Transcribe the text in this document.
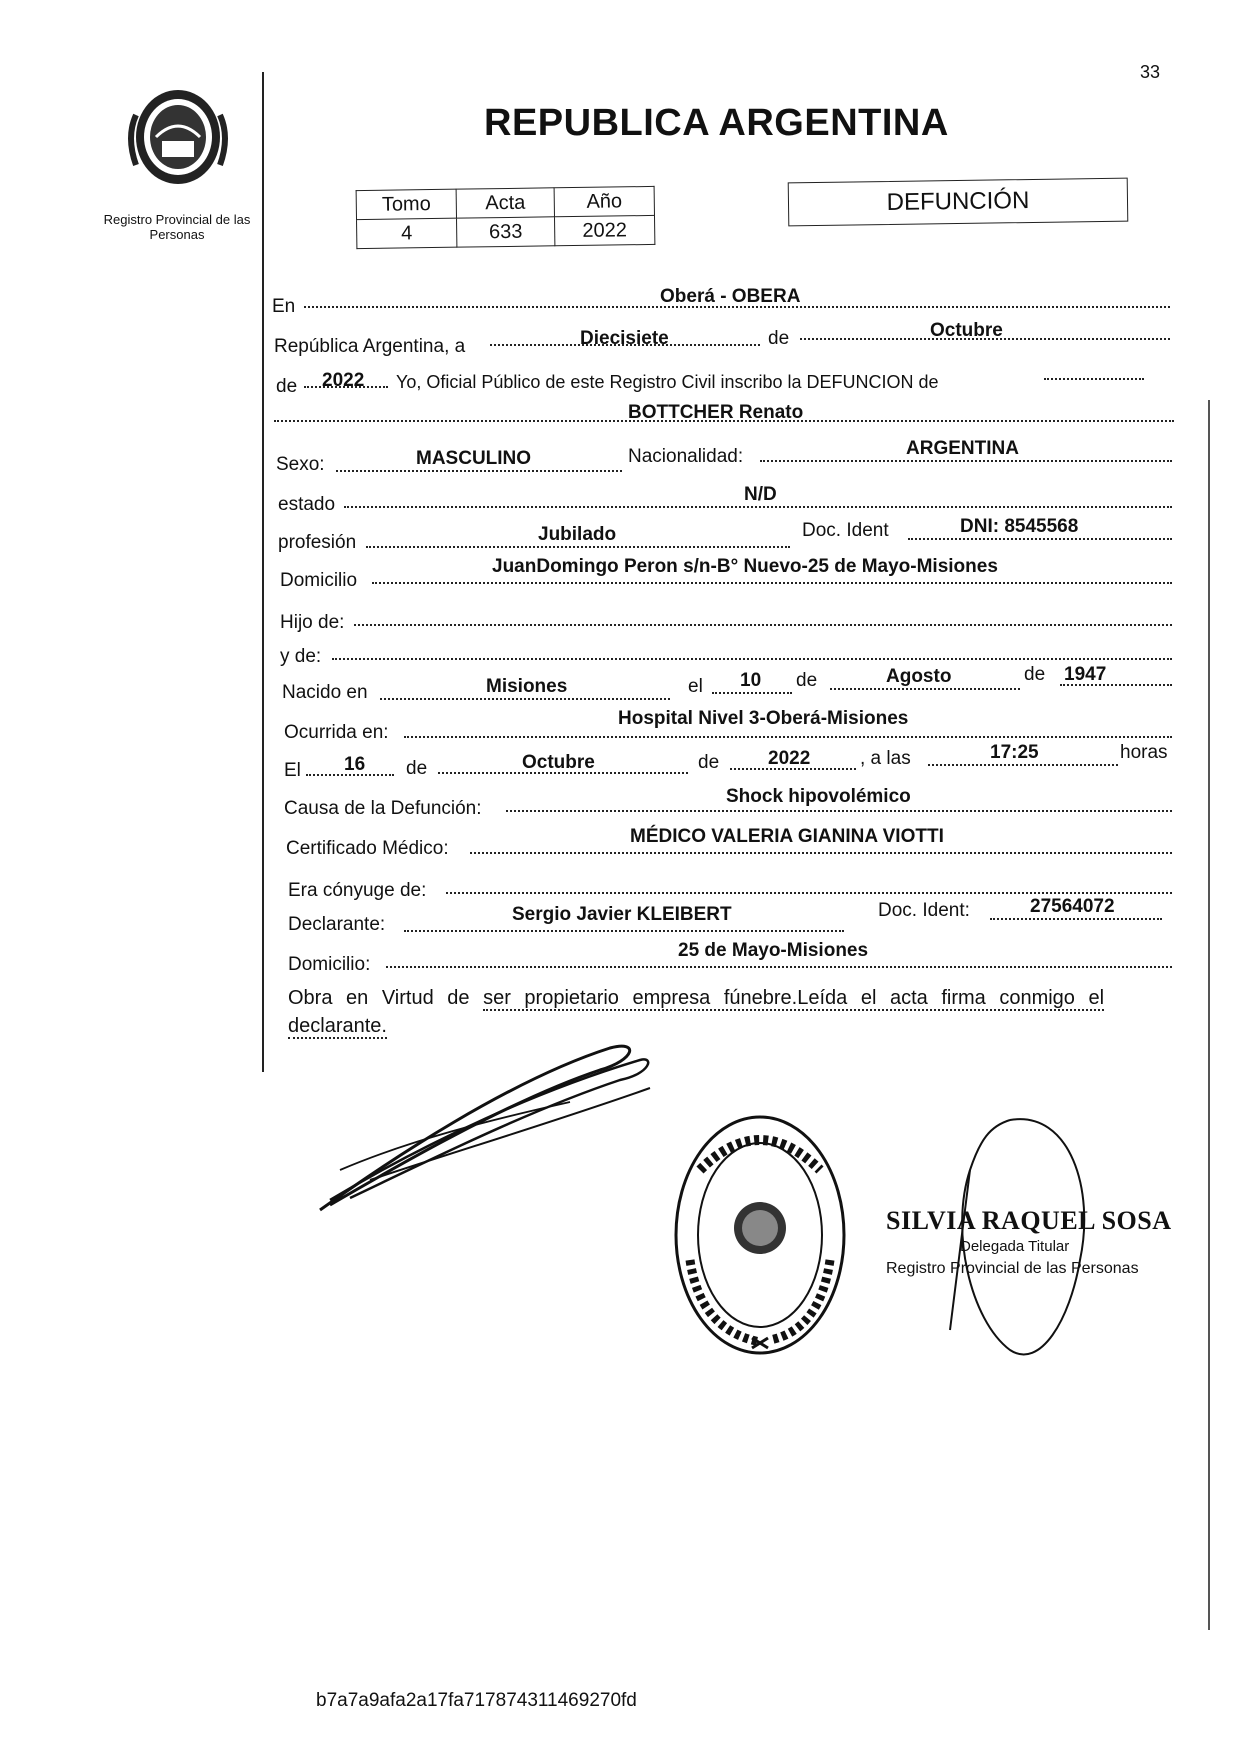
Registro Provincial de las Personas
33
REPUBLICA ARGENTINA
Tomo	Acta	Año
4	633	2022
DEFUNCIÓN
En	Oberá - OBERA
República Argentina, a	Diecisiete	de	Octubre
de 2022 Yo, Oficial Público de este Registro Civil inscribo la DEFUNCION de
BOTTCHER Renato
Sexo:	MASCULINO	Nacionalidad:	ARGENTINA
estado	N/D
profesión	Jubilado	Doc. Ident	DNI: 8545568
Domicilio
JuanDomingo Peron s/n-B° Nuevo-25 de Mayo-Misiones
Hijo de:
y de:
Nacido en	Misiones	el 10 de	Agosto	de 1947
Ocurrida en:
Hospital Nivel 3-Oberá-Misiones
El 16 de	Octubre	de	2022	, a las	17:25	horas
Causa de la Defunción:
Shock hipovolémico
Certificado Médico:
MÉDICO VALERIA GIANINA VIOTTI
Era cónyuge de:
Declarante:	Sergio Javier KLEIBERT	Doc. Ident:	27564072
Domicilio:
25 de Mayo-Misiones
Obra en Virtud de ser propietario empresa fúnebre.Leída el acta firma conmigo el declarante.
SILVIA RAQUEL SOSA
Delegada Titular
Registro Provincial de las Personas
b7a7a9afa2a17fa717874311469270fd
